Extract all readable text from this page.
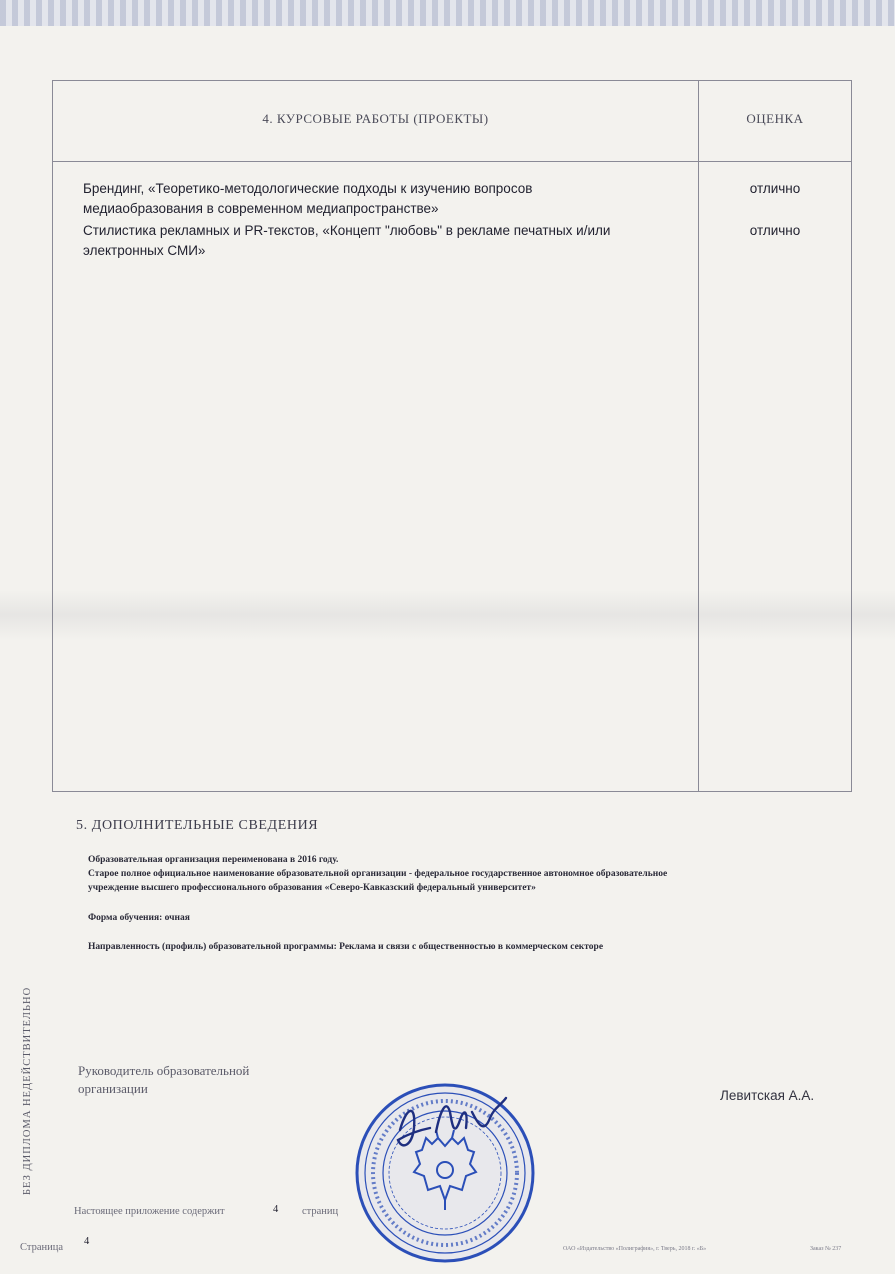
4. КУРСОВЫЕ РАБОТЫ (ПРОЕКТЫ)	ОЦЕНКА
Брендинг, «Теоретико-методологические подходы к изучению вопросов
медиаобразования в современном медиапространстве»
отлично
Стилистика рекламных и PR-текстов, «Концепт "любовь" в рекламе печатных и/или
электронных СМИ»
отлично
5. ДОПОЛНИТЕЛЬНЫЕ СВЕДЕНИЯ
Образовательная организация переименована в 2016 году.
Старое полное официальное наименование образовательной организации - федеральное государственное автономное образовательное
учреждение высшего профессионального образования «Северо-Кавказский федеральный университет»
Форма обучения: очная
Направленность (профиль) образовательной программы: Реклама и связи с общественностью в коммерческом секторе
БЕЗ ДИПЛОМА НЕДЕЙСТВИТЕЛЬНО	Руководитель образовательной
организации	Левитская А.А.
Настоящее приложение содержит	4 страниц
Страница
4
ОАО «Издательство «Полиграфия», г. Тверь, 2018 г. «Б»	Заказ № 237
